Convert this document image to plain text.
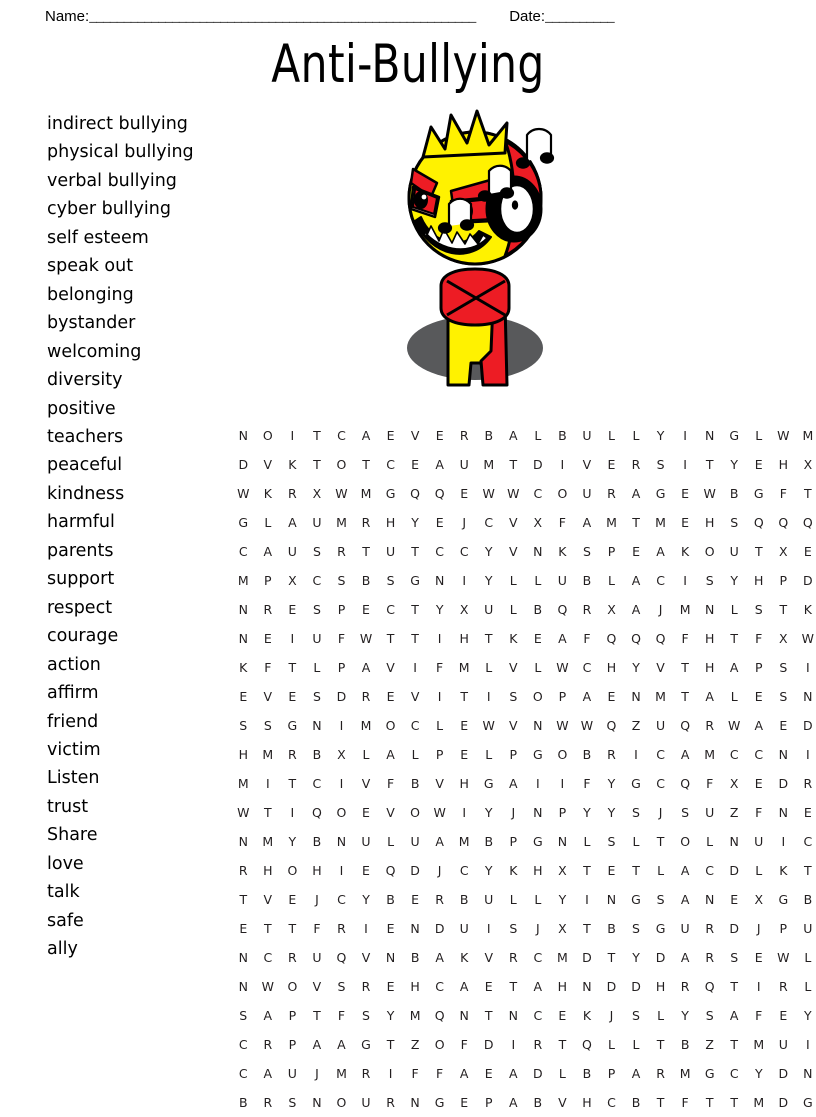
Name: ________________________________________________________	Date: __________
Anti-Bullying
indirect bullying
physical bullying
verbal bullying
cyber bullying
self esteem
speak out
belonging
bystander
welcoming
diversity
positive
teachers
peaceful
kindness
harmful
parents
support
respect
courage
action
affirm
friend
victim
Listen
trust
Share
love
talk
safe
ally
N O I T C A E V E R B A L B U L L Y I N G L W M
D V K T O T C E A U M T D I V E R S I T Y E H X
W K R X W M G Q Q E W W C O U R A G E W B G F T
G L A U M R H Y E J C V X F A M T M E H S Q Q Q
C A U S R T U T C C Y V N K S P E A K O U T X E
M P X C S B S G N I Y L L U B L A C I S Y H P D
N R E S P E C T Y X U L B Q R X A J M N L S T K
N E I U F W T T I H T K E A F Q Q Q F H T F X W
K F T L P A V I F M L V L W C H Y V T H A P S I
E V E S D R E V I T I S O P A E N M T A L E S N
S S G N I M O C L E W V N W W Q Z U Q R W A E D
H M R B X L A L P E L P G O B R I C A M C C N I
M I T C I V F B V H G A I I F Y G C Q F X E D R
W T I Q O E V O W I Y J N P Y Y S J S U Z F N E
N M Y B N U L U A M B P G N L S L T O L N U I C
R H O H I E Q D J C Y K H X T E T L A C D L K T
T V E J C Y B E R B U L L Y I N G S A N E X G B
E T T F R I E N D U I S J X T B S G U R D J P U
N C R U Q V N B A K V R C M D T Y D A R S E W L
N W O V S R E H C A E T A H N D D H R Q T I R L
S A P T F S Y M Q N T N C E K J S L Y S A F E Y
C R P A A G T Z O F D I R T Q L L T B Z T M U I
C A U J M R I F F A E A D L B P A R M G C Y D N
B R S N O U R N G E P A B V H C B T F T T M D G
